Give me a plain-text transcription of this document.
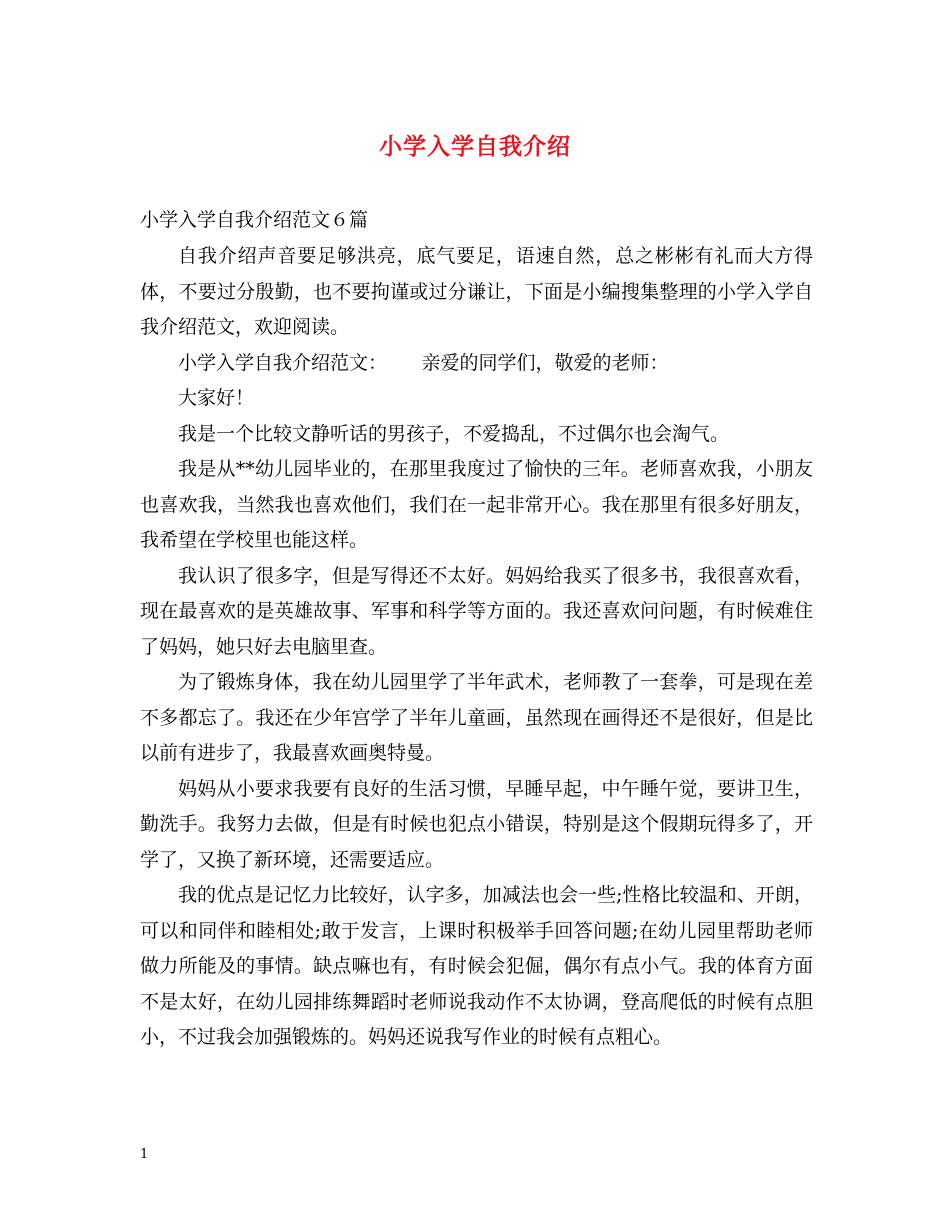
小学入学自我介绍
小学入学自我介绍范文６篇

自我介绍声音要足够洪亮，底气要足，语速自然，总之彬彬有礼而大方得体，不要过分殷勤，也不要拘谨或过分谦让，下面是小编搜集整理的小学入学自我介绍范文，欢迎阅读。

小学入学自我介绍范文：　　 亲爱的同学们，敬爱的老师：

大家好！

我是一个比较文静听话的男孩子，不爱捣乱，不过偶尔也会淘气。

我是从**幼儿园毕业的，在那里我度过了愉快的三年。老师喜欢我，小朋友也喜欢我，当然我也喜欢他们，我们在一起非常开心。我在那里有很多好朋友，我希望在学校里也能这样。

我认识了很多字，但是写得还不太好。妈妈给我买了很多书，我很喜欢看，现在最喜欢的是英雄故事、军事和科学等方面的。我还喜欢问问题，有时候难住了妈妈，她只好去电脑里查。

为了锻炼身体，我在幼儿园里学了半年武术，老师教了一套拳，可是现在差不多都忘了。我还在少年宫学了半年儿童画，虽然现在画得还不是很好，但是比以前有进步了，我最喜欢画奥特曼。

妈妈从小要求我要有良好的生活习惯，早睡早起，中午睡午觉，要讲卫生，勤洗手。我努力去做，但是有时候也犯点小错误，特别是这个假期玩得多了，开学了，又换了新环境，还需要适应。

我的优点是记忆力比较好，认字多，加减法也会一些;性格比较温和、开朗，可以和同伴和睦相处;敢于发言，上课时积极举手回答问题;在幼儿园里帮助老师做力所能及的事情。缺点嘛也有，有时候会犯倔，偶尔有点小气。我的体育方面不是太好，在幼儿园排练舞蹈时老师说我动作不太协调，登高爬低的时候有点胆小，不过我会加强锻炼的。妈妈还说我写作业的时候有点粗心。

1
